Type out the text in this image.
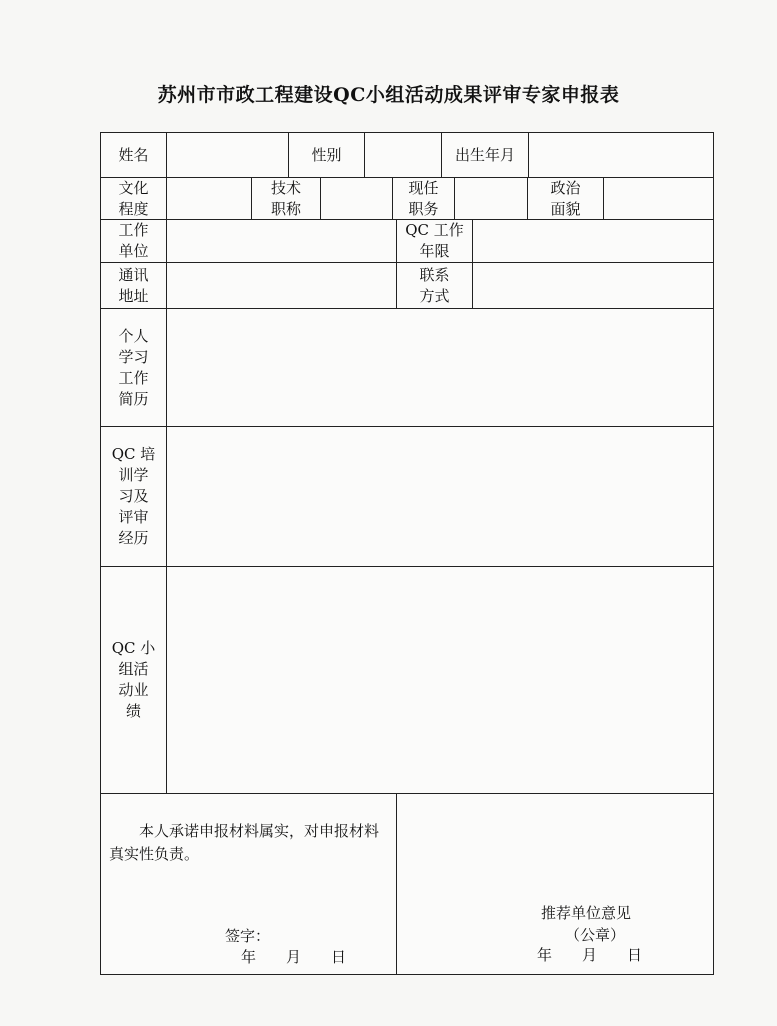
苏州市市政工程建设QC小组活动成果评审专家申报表
姓名	性别	出生年月
文化
程度
技术
职称
现任
职务
政治
面貌
工作
单位
QC 工作
年限
通讯
地址
联系
方式
个人
学习
工作
简历
QC 培
训学
习及
评审
经历
QC 小
组活
动业
绩
本人承诺申报材料属实，对申报材料真实性负责。
签字：
年　　月　　日
推荐单位意见
（公章）
年　　月　　日
